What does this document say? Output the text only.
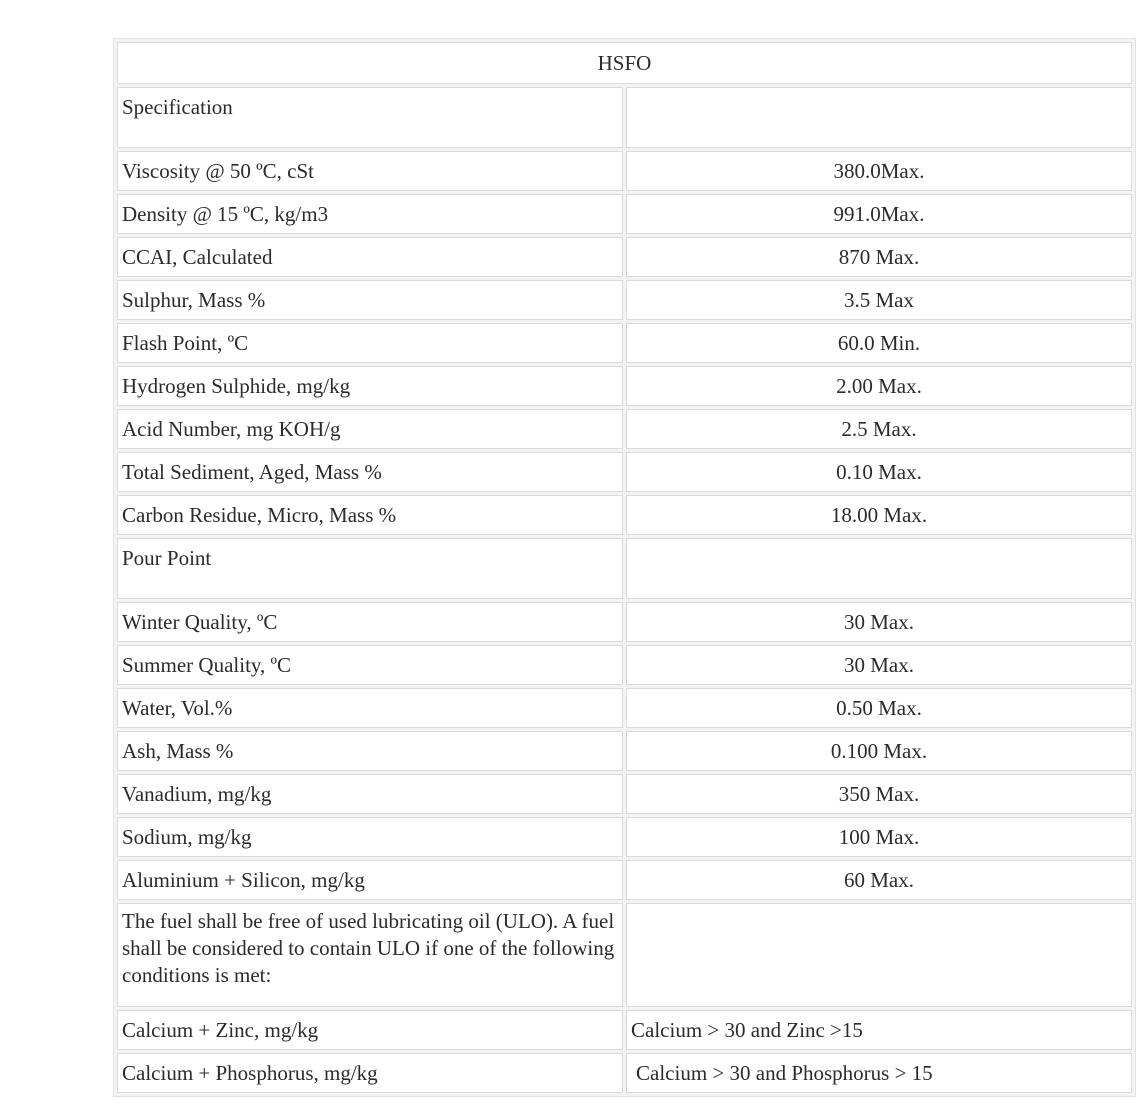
HSFO	
Specification	
Viscosity @ 50 ºC, cSt	380.0Max.
Density @ 15 ºC, kg/m3	991.0Max.
CCAI, Calculated	870 Max.
Sulphur, Mass %	3.5 Max
Flash Point, ºC	60.0 Min.
Hydrogen Sulphide, mg/kg	2.00 Max.
Acid Number, mg KOH/g	2.5 Max.
Total Sediment, Aged, Mass %	0.10 Max.
Carbon Residue, Micro, Mass %	18.00 Max.
Pour Point	
Winter Quality, ºC	30 Max.
Summer Quality, ºC	30 Max.
Water, Vol.%	0.50 Max.
Ash, Mass %	0.100 Max.
Vanadium, mg/kg	350 Max.
Sodium, mg/kg	100 Max.
Aluminium + Silicon, mg/kg	60 Max.
The fuel shall be free of used lubricating oil (ULO). A fuel shall be considered to contain ULO if one of the following conditions is met:	
Calcium + Zinc, mg/kg	Calcium > 30 and Zinc >15
Calcium + Phosphorus, mg/kg	Calcium > 30 and Phosphorus > 15
